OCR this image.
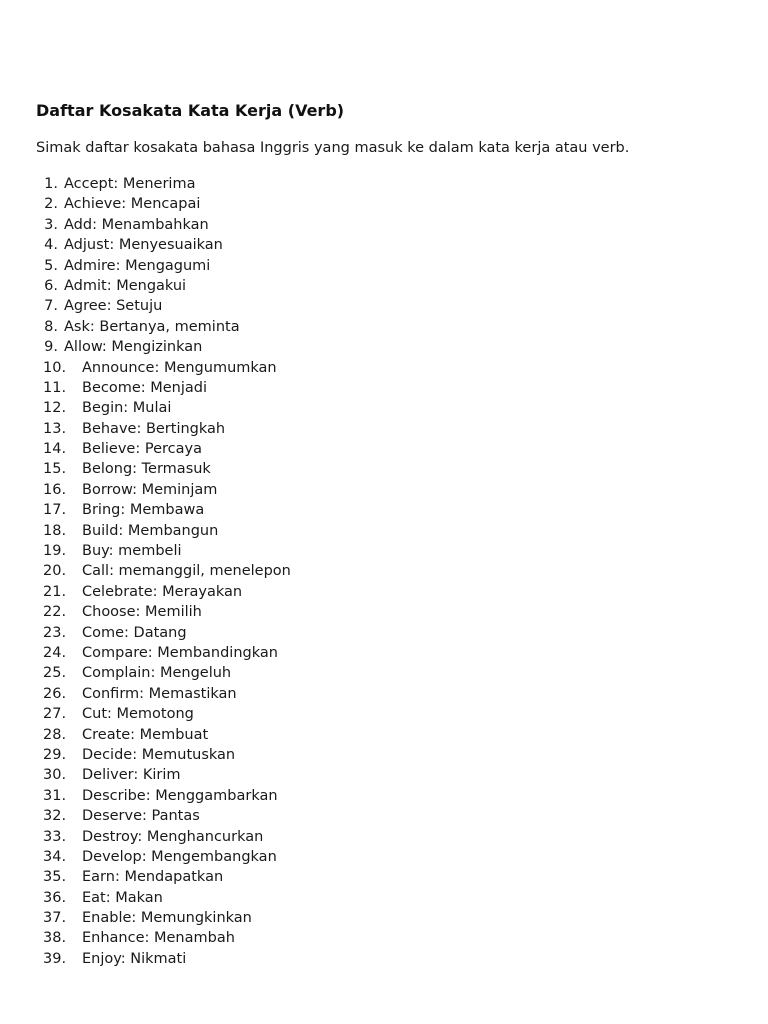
Daftar Kosakata Kata Kerja (Verb)

Simak daftar kosakata bahasa Inggris yang masuk ke dalam kata kerja atau verb.

1. Accept: Menerima
2. Achieve: Mencapai
3. Add: Menambahkan
4. Adjust: Menyesuaikan
5. Admire: Mengagumi
6. Admit: Mengakui
7. Agree: Setuju
8. Ask: Bertanya, meminta
9. Allow: Mengizinkan
10.	Announce: Mengumumkan
11.	Become: Menjadi
12.	Begin: Mulai
13.	Behave: Bertingkah
14.	Believe: Percaya
15.	Belong: Termasuk
16.	Borrow: Meminjam
17.	Bring: Membawa
18.	Build: Membangun
19.	Buy: membeli
20.	Call: memanggil, menelepon
21.	Celebrate: Merayakan
22.	Choose: Memilih
23.	Come: Datang
24.	Compare: Membandingkan
25.	Complain: Mengeluh
26.	Confirm: Memastikan
27.	Cut: Memotong
28.	Create: Membuat
29.	Decide: Memutuskan
30.	Deliver: Kirim
31.	Describe: Menggambarkan
32.	Deserve: Pantas
33.	Destroy: Menghancurkan
34.	Develop: Mengembangkan
35.	Earn: Mendapatkan
36.	Eat: Makan
37.	Enable: Memungkinkan
38.	Enhance: Menambah
39.	Enjoy: Nikmati
